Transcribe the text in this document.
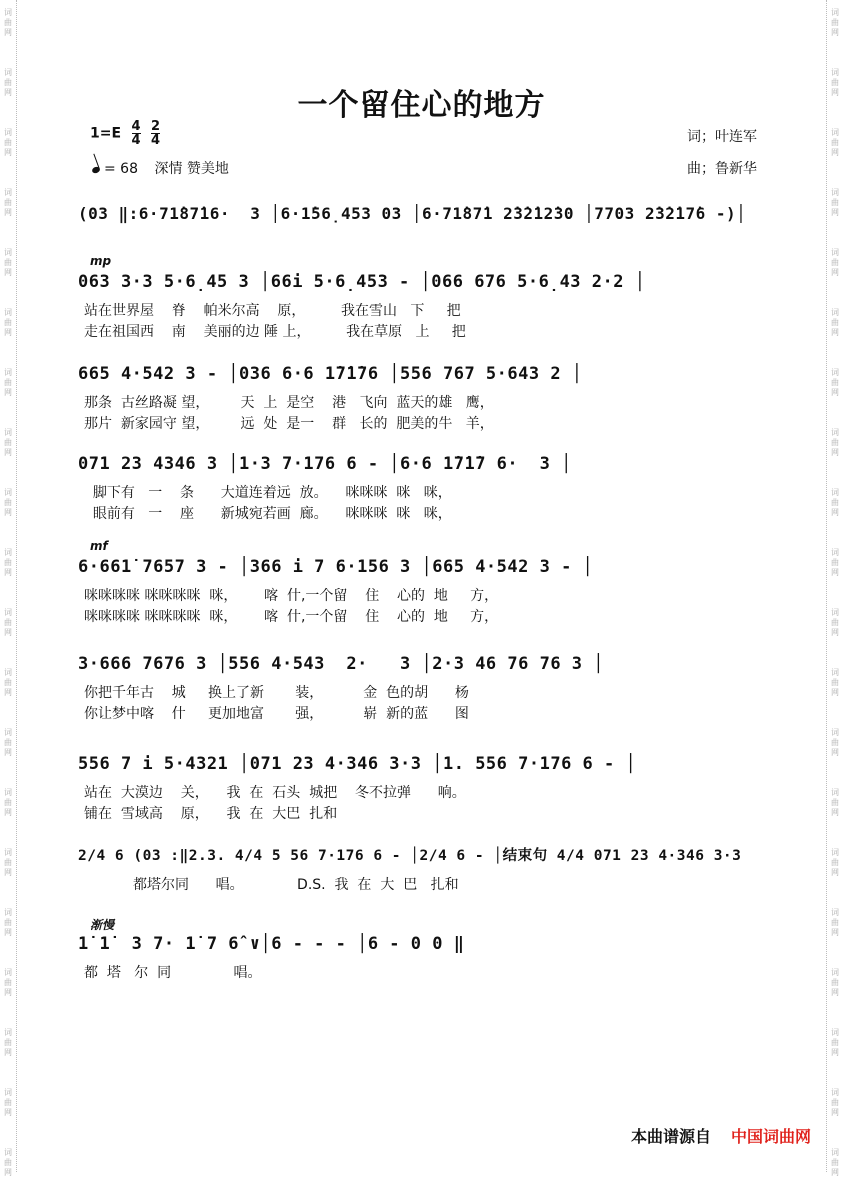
词
曲
网
词
曲
网
词
曲
网
词
曲
网
词
曲
网
词
曲
网
词
曲
网
词
曲
网
词
曲
网
词
曲
网
词
曲
网
词
曲
网
词
曲
网
词
曲
网
词
曲
网
词
曲
网
词
曲
网
词
曲
网
词
曲
网
词
曲
网
词
曲
网
词
曲
网
词
曲
网
词
曲
网
词
曲
网
词
曲
网
词
曲
网
词
曲
网
词
曲
网
词
曲
网
词
曲
网
词
曲
网
词
曲
网
词
曲
网
词
曲
网
词
曲
网
词
曲
网
词
曲
网
词
曲
网
词
曲
网
一个留住心的地方
$1=E \frac{4}{4}$
$\frac{2}{4}$
= 68 深情 赞美地
词；叶连军
曲；鲁新华
(03 ‖:6·71̇87̇16·  3 │6·1̇56̣453 03 │6·71̇87̇1 2̇3̇2̇12̇30 │7703 2̇3̇2̇17̇6 -)│
mp
063 3·3 5·6̣45 3 │66i 5·6̣453 - │066 676 5·6̣43 2·2 │
站在世界屋    脊    帕米尔高    原，        我在雪山   下     把
走在祖国西    南    美丽的边 陲 上，        我在草原   上     把
665 4·542 3 - │036 6·6 1̇7̇1̇76 │556 767 5·643 2 │
那条  古丝路凝 望，       天  上  是空    港   飞向  蓝天的雄   鹰，
那片  新家园守 望，       远  处  是一    群   长的  肥美的牛   羊，
071 23 4346 3 │1·3 7·176 6 - │6·6 1̇7̇1̇7 6·  3 │
脚下有   一    条      大道连着远  放。    咪咪咪  咪   咪，
眼前有   一    座      新城宛若画  廊。    咪咪咪  咪   咪，
mf
6·661̇ 7657 3 - │366 i 7 6·156 3 │665 4·542 3 - │
咪咪咪咪 咪咪咪咪  咪，      喀  什,一个留    住    心的  地     方，
咪咪咪咪 咪咪咪咪  咪，      喀  什,一个留    住    心的  地     方，
3·666 7676 3 │556 4·543  2·   3 │2·3 46 76 76 3 │
你把千年古    城     换上了新       装，         金  色的胡      杨
你让梦中喀    什     更加地富       强，         崭  新的蓝      图
556 7 i 5·4321 │071 23 4·346 3·3 │1. 556 7·176 6 - │
站在  大漠边    关，    我  在  石头  城把    冬不拉弹      响。
铺在  雪域高    原，    我  在  大巴  扎和
2/4 6 (03 :‖2.3. 4/4 5 56 7·176 6 - │2/4 6 - │结束句 4/4 071 23 4·346 3·3
都塔尔同      唱。            D.S.  我  在  大  巴   扎和
渐慢
1̇ 1̇  3 7· 1̇ 7 6̂ ∨│6 - - - │6 - 0 0 ‖
都  塔   尔  同              唱。
本曲谱源自 中国词曲网
